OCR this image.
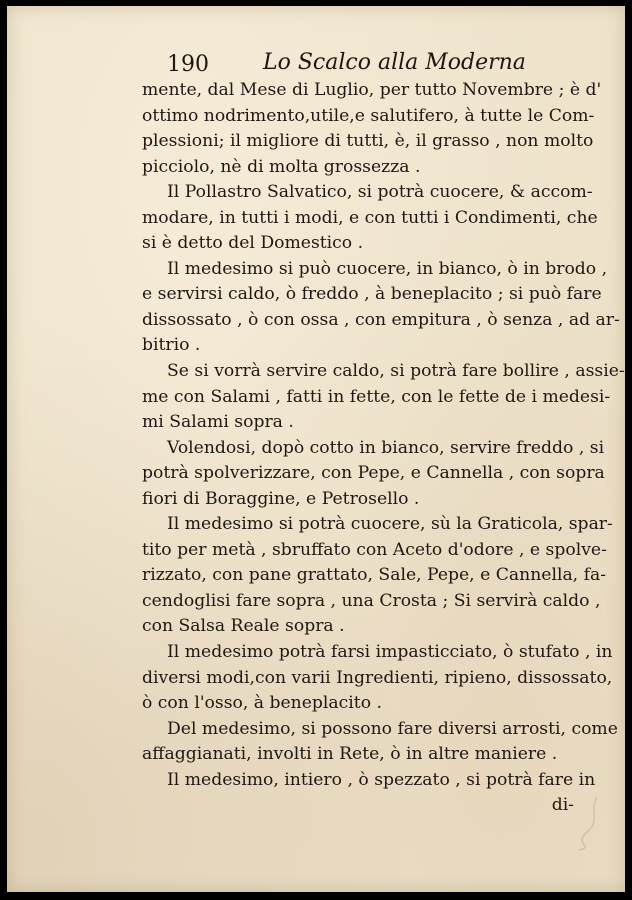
190 Lo Scalco alla Moderna
mente, dal Mese di Luglio, per tutto Novembre ; è d'
ottimo nodrimento,utile,e salutifero, à tutte le Com-
plessioni; il migliore di tutti, è, il grasso , non molto
picciolo, nè di molta grossezza .
Il Pollastro Salvatico, si potrà cuocere, & accom-
modare, in tutti i modi, e con tutti i Condimenti, che
si è detto del Domestico .
Il medesimo si può cuocere, in bianco, ò in brodo ,
e servirsi caldo, ò freddo , à beneplacito ; si può fare
dissossato , ò con ossa , con empitura , ò senza , ad ar-
bitrio .
Se si vorrà servire caldo, si potrà fare bollire , assie-
me con Salami , fatti in fette, con le fette de i medesi-
mi Salami sopra .
Volendosi, dopò cotto in bianco, servire freddo , si
potrà spolverizzare, con Pepe, e Cannella , con sopra
fiori di Boraggine, e Petrosello .
Il medesimo si potrà cuocere, sù la Graticola, spar-
tito per metà , sbruffato con Aceto d'odore , e spolve-
rizzato, con pane grattato, Sale, Pepe, e Cannella, fa-
cendoglisi fare sopra , una Crosta ; Si servirà caldo ,
con Salsa Reale sopra .
Il medesimo potrà farsi impasticciato, ò stufato , in
diversi modi,con varii Ingredienti, ripieno, dissossato,
ò con l'osso, à beneplacito .
Del medesimo, si possono fare diversi arrosti, come
affaggianati, involti in Rete, ò in altre maniere .
Il medesimo, intiero , ò spezzato , si potrà fare in
di-
